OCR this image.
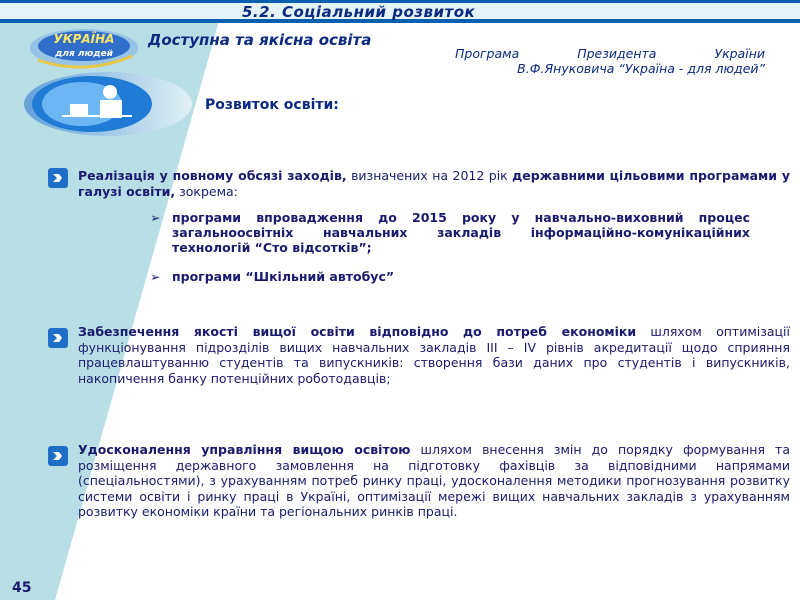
5.2. Соціальний розвиток
УКРАЇНА
для людей
Доступна та якісна освіта
Програма	Президента	України
В.Ф.Януковича “Україна - для людей”
Розвиток освіти:
Реалізація у повному обсязі заходів, визначених на 2012 рік державними цільовими програмами у галузі освіти, зокрема:
➢ програми впровадження до 2015 року у навчально-виховний процес загальноосвітніх навчальних закладів інформаційно-комунікаційних технологій “Сто відсотків”;
➢ програми “Шкільний автобус”
Забезпечення якості вищої освіти відповідно до потреб економіки шляхом оптимізації функціонування підрозділів вищих навчальних закладів ІІІ – ІV рівнів акредитації щодо сприяння працевлаштуванню студентів та випускників: створення бази даних про студентів і випускників, накопичення банку потенційних роботодавців;
Удосконалення управління вищою освітою шляхом внесення змін до порядку формування та розміщення державного замовлення на підготовку фахівців за відповідними напрямами (спеціальностями), з урахуванням потреб ринку праці, удосконалення методики прогнозування розвитку системи освіти і ринку праці в Україні, оптимізації мережі вищих навчальних закладів з урахуванням розвитку економіки країни та регіональних ринків праці.
45
